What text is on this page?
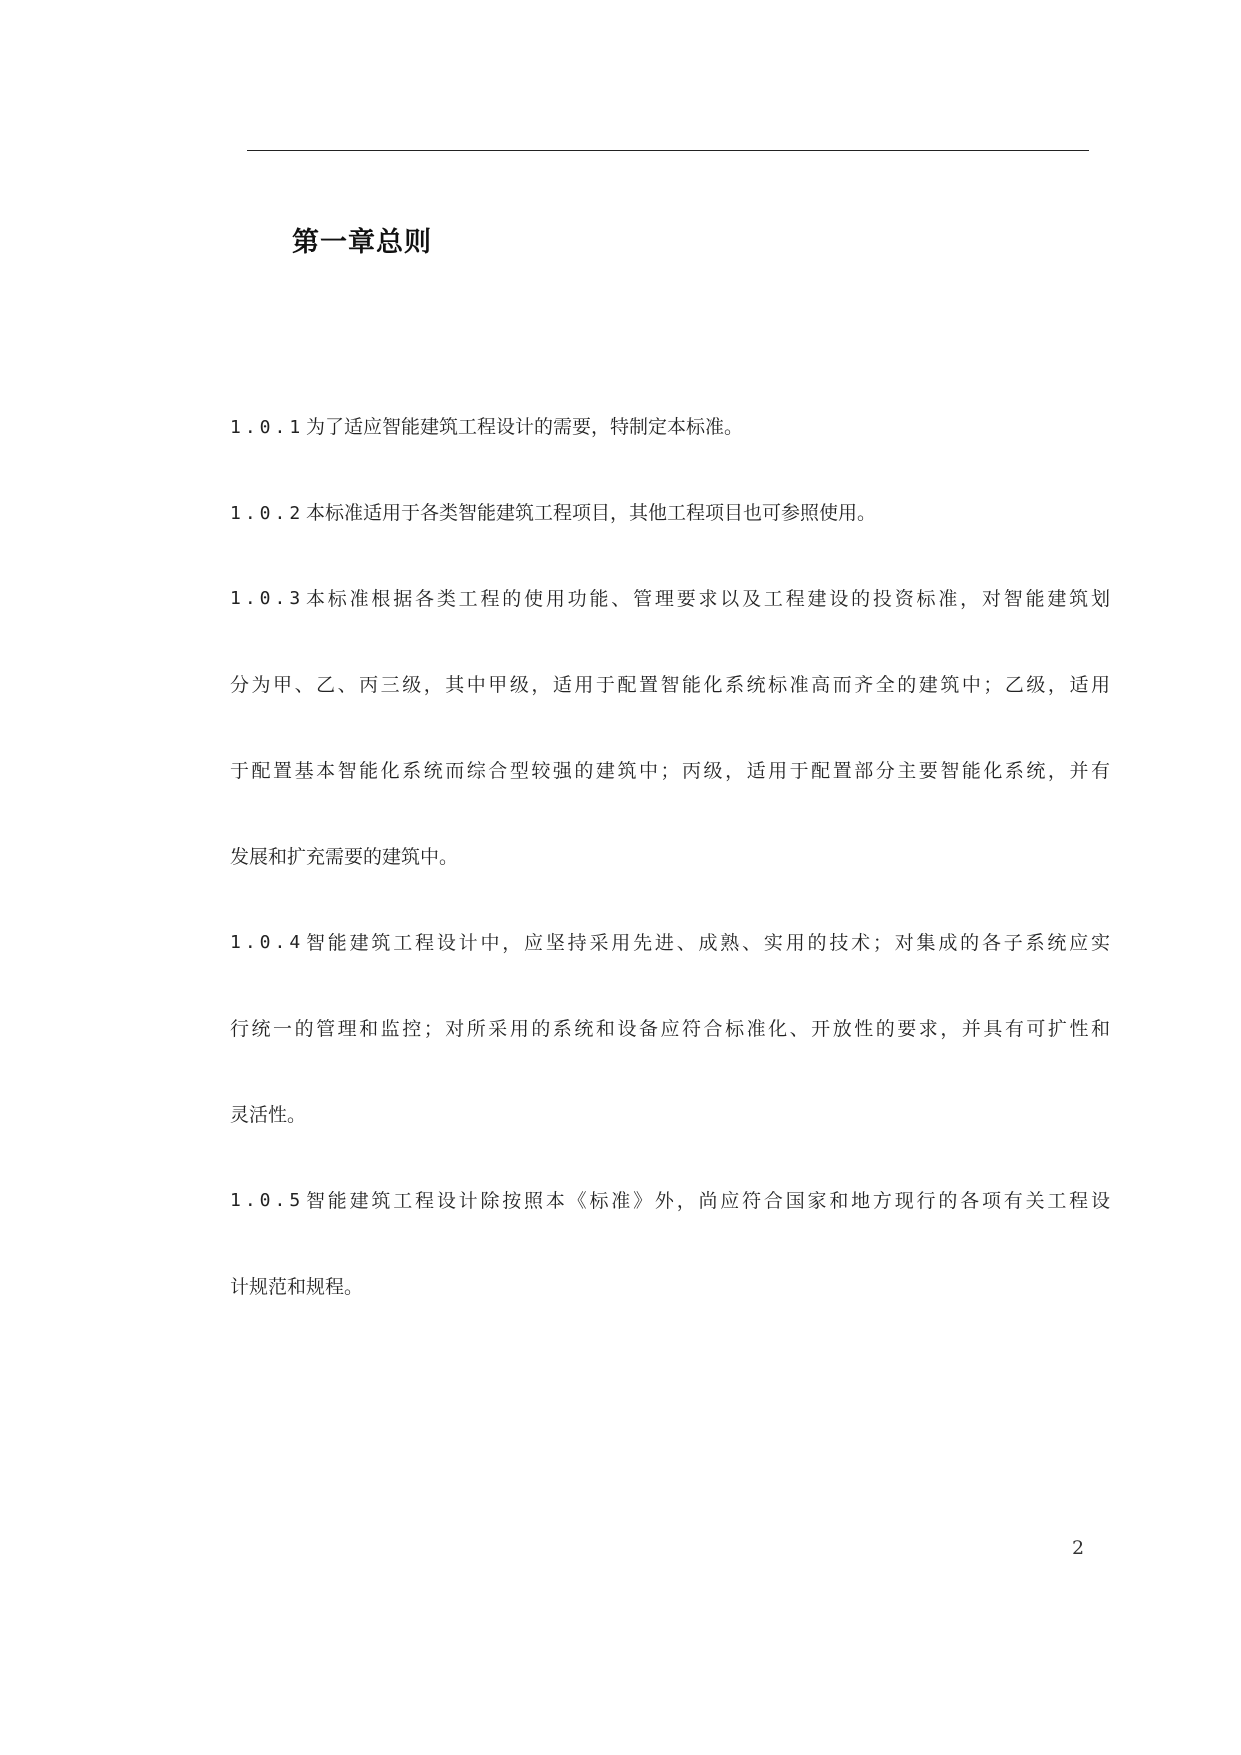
第一章总则
1.0.1为了适应智能建筑工程设计的需要，特制定本标准。
1.0.2本标准适用于各类智能建筑工程项目，其他工程项目也可参照使用。
1.0.3 本标准根据各类工程的使用功能、管理要求以及工程建设的投资标准，对智能建筑划
分为甲、乙、丙三级，其中甲级，适用于配置智能化系统标准高而齐全的建筑中；乙级，适用
于配置基本智能化系统而综合型较强的建筑中；丙级，适用于配置部分主要智能化系统，并有
发展和扩充需要的建筑中。
1.0.4 智能建筑工程设计中，应坚持采用先进、成熟、实用的技术；对集成的各子系统应实
行统一的管理和监控；对所采用的系统和设备应符合标准化、开放性的要求，并具有可扩性和
灵活性。
1.0.5 智能建筑工程设计除按照本《标准》外，尚应符合国家和地方现行的各项有关工程设
计规范和规程。
2
